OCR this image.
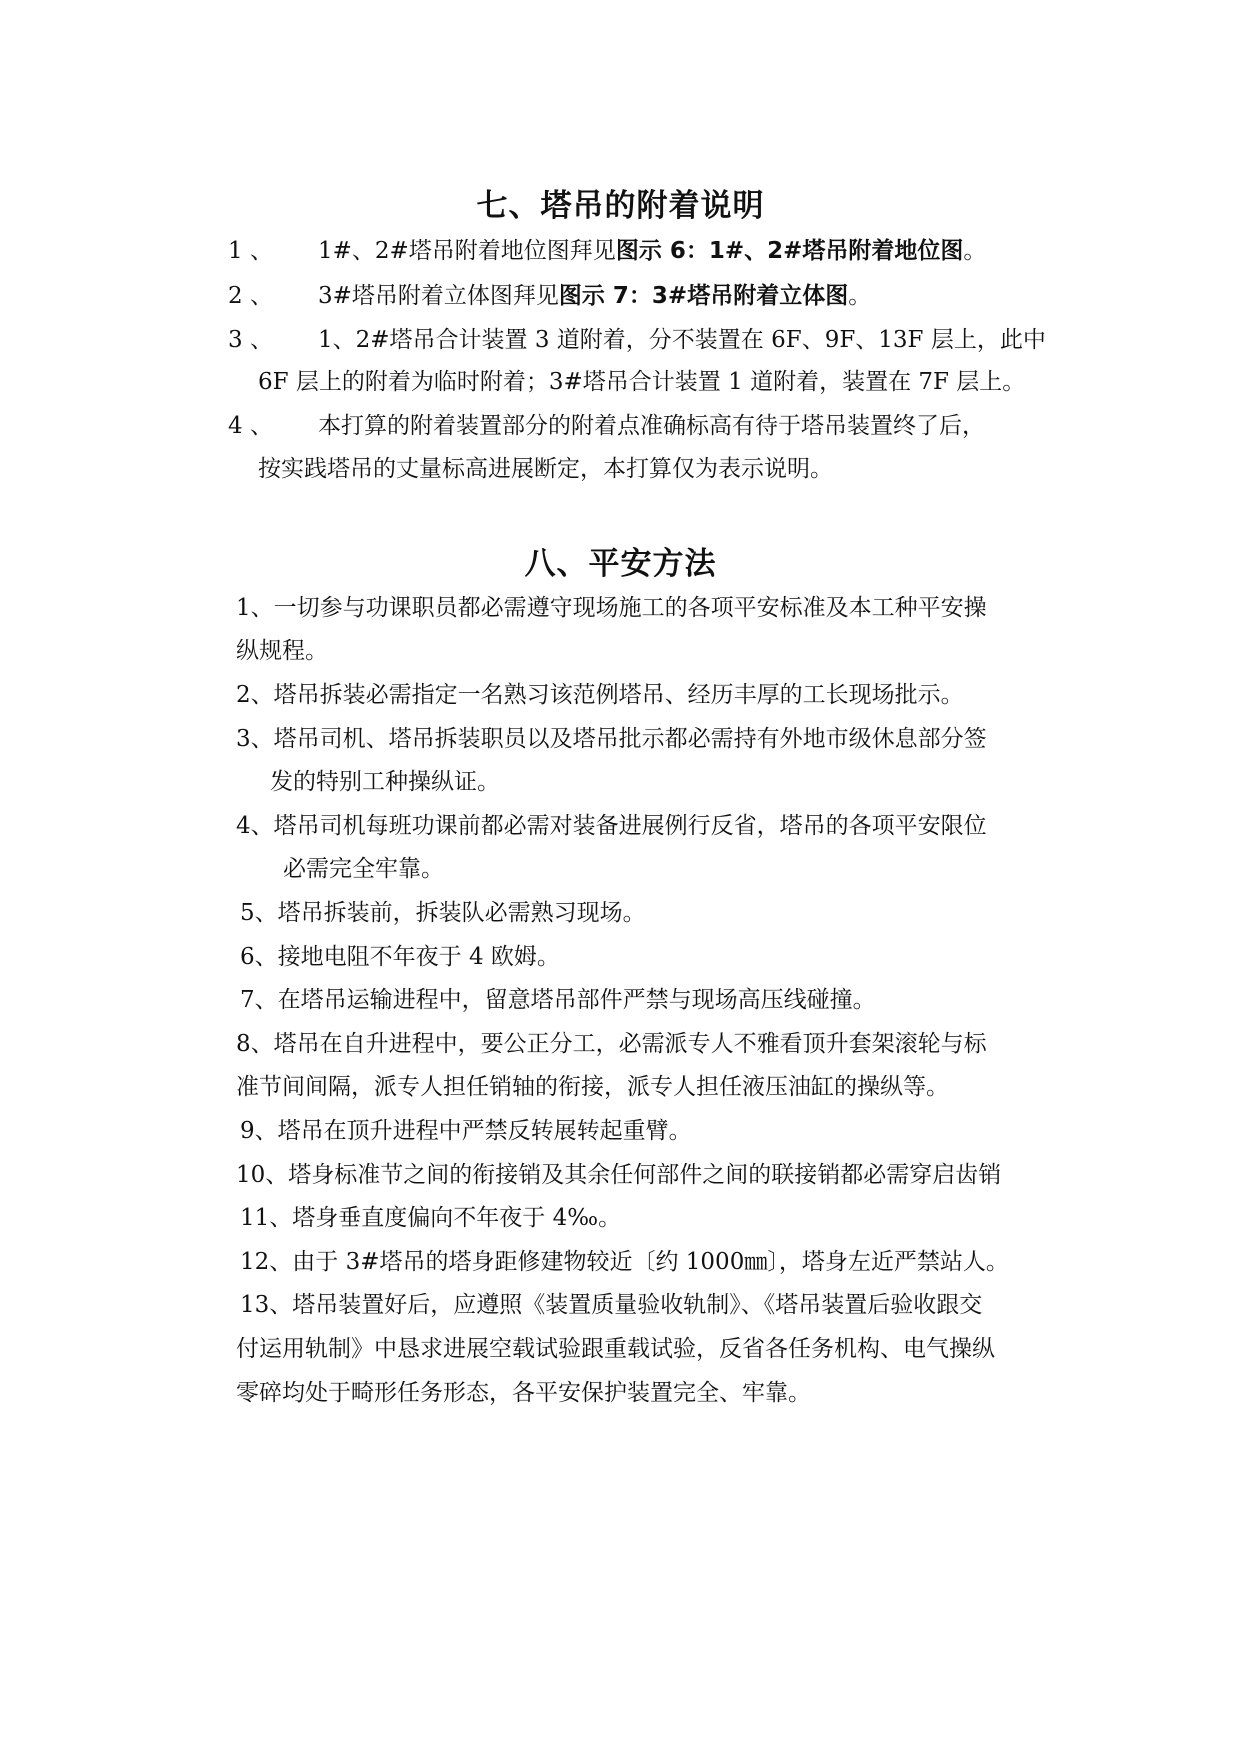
七、塔吊的附着说明
1 、 1#、2#塔吊附着地位图拜见图示 6：1#、2#塔吊附着地位图。
2 、 3#塔吊附着立体图拜见图示 7：3#塔吊附着立体图。
3 、 1、2#塔吊合计装置 3 道附着，分不装置在 6F、9F、13F 层上，此中
6F 层上的附着为临时附着；3#塔吊合计装置 1 道附着，装置在 7F 层上。
4 、 本打算的附着装置部分的附着点准确标高有待于塔吊装置终了后，
按实践塔吊的丈量标高进展断定，本打算仅为表示说明。
八、平安方法
1、一切参与功课职员都必需遵守现场施工的各项平安标准及本工种平安操
纵规程。
2、塔吊拆装必需指定一名熟习该范例塔吊、经历丰厚的工长现场批示。
3、塔吊司机、塔吊拆装职员以及塔吊批示都必需持有外地市级休息部分签
发的特别工种操纵证。
4、塔吊司机每班功课前都必需对装备进展例行反省，塔吊的各项平安限位
必需完全牢靠。
5、塔吊拆装前，拆装队必需熟习现场。
6、接地电阻不年夜于 4 欧姆。
7、在塔吊运输进程中，留意塔吊部件严禁与现场高压线碰撞。
8、塔吊在自升进程中，要公正分工，必需派专人不雅看顶升套架滚轮与标
准节间间隔，派专人担任销轴的衔接，派专人担任液压油缸的操纵等。
9、塔吊在顶升进程中严禁反转展转起重臂。
10、塔身标准节之间的衔接销及其余任何部件之间的联接销都必需穿启齿销
11、塔身垂直度偏向不年夜于 4‰。
12、由于 3#塔吊的塔身距修建物较近〔约 1000㎜〕，塔身左近严禁站人。
13、塔吊装置好后，应遵照《装置质量验收轨制》、《塔吊装置后验收跟交
付运用轨制》中恳求进展空载试验跟重载试验，反省各任务机构、电气操纵
零碎均处于畸形任务形态，各平安保护装置完全、牢靠。
